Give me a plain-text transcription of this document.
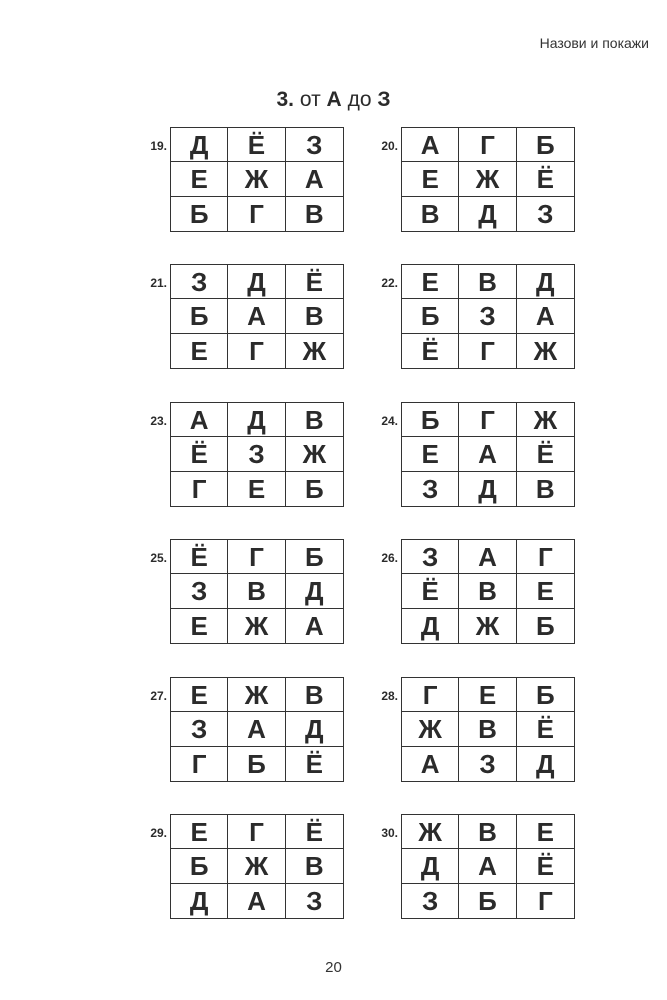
Назови и покажи
3. от А до З
19. Д	Ё	З
Е	Ж	А
Б	Г	В
20. А	Г	Б
Е	Ж	Ё
В	Д	З
21. З	Д	Ё
Б	А	В
Е	Г	Ж
22. Е	В	Д
Б	З	А
Ё	Г	Ж
23. А	Д	В
Ё	З	Ж
Г	Е	Б
24. Б	Г	Ж
Е	А	Ё
З	Д	В
25. Ё	Г	Б
З	В	Д
Е	Ж	А
26. З	А	Г
Ё	В	Е
Д	Ж	Б
27. Е	Ж	В
З	А	Д
Г	Б	Ё
28. Г	Е	Б
Ж	В	Ё
А	З	Д
29. Е	Г	Ё
Б	Ж	В
Д	А	З
30. Ж	В	Е
Д	А	Ё
З	Б	Г
20
